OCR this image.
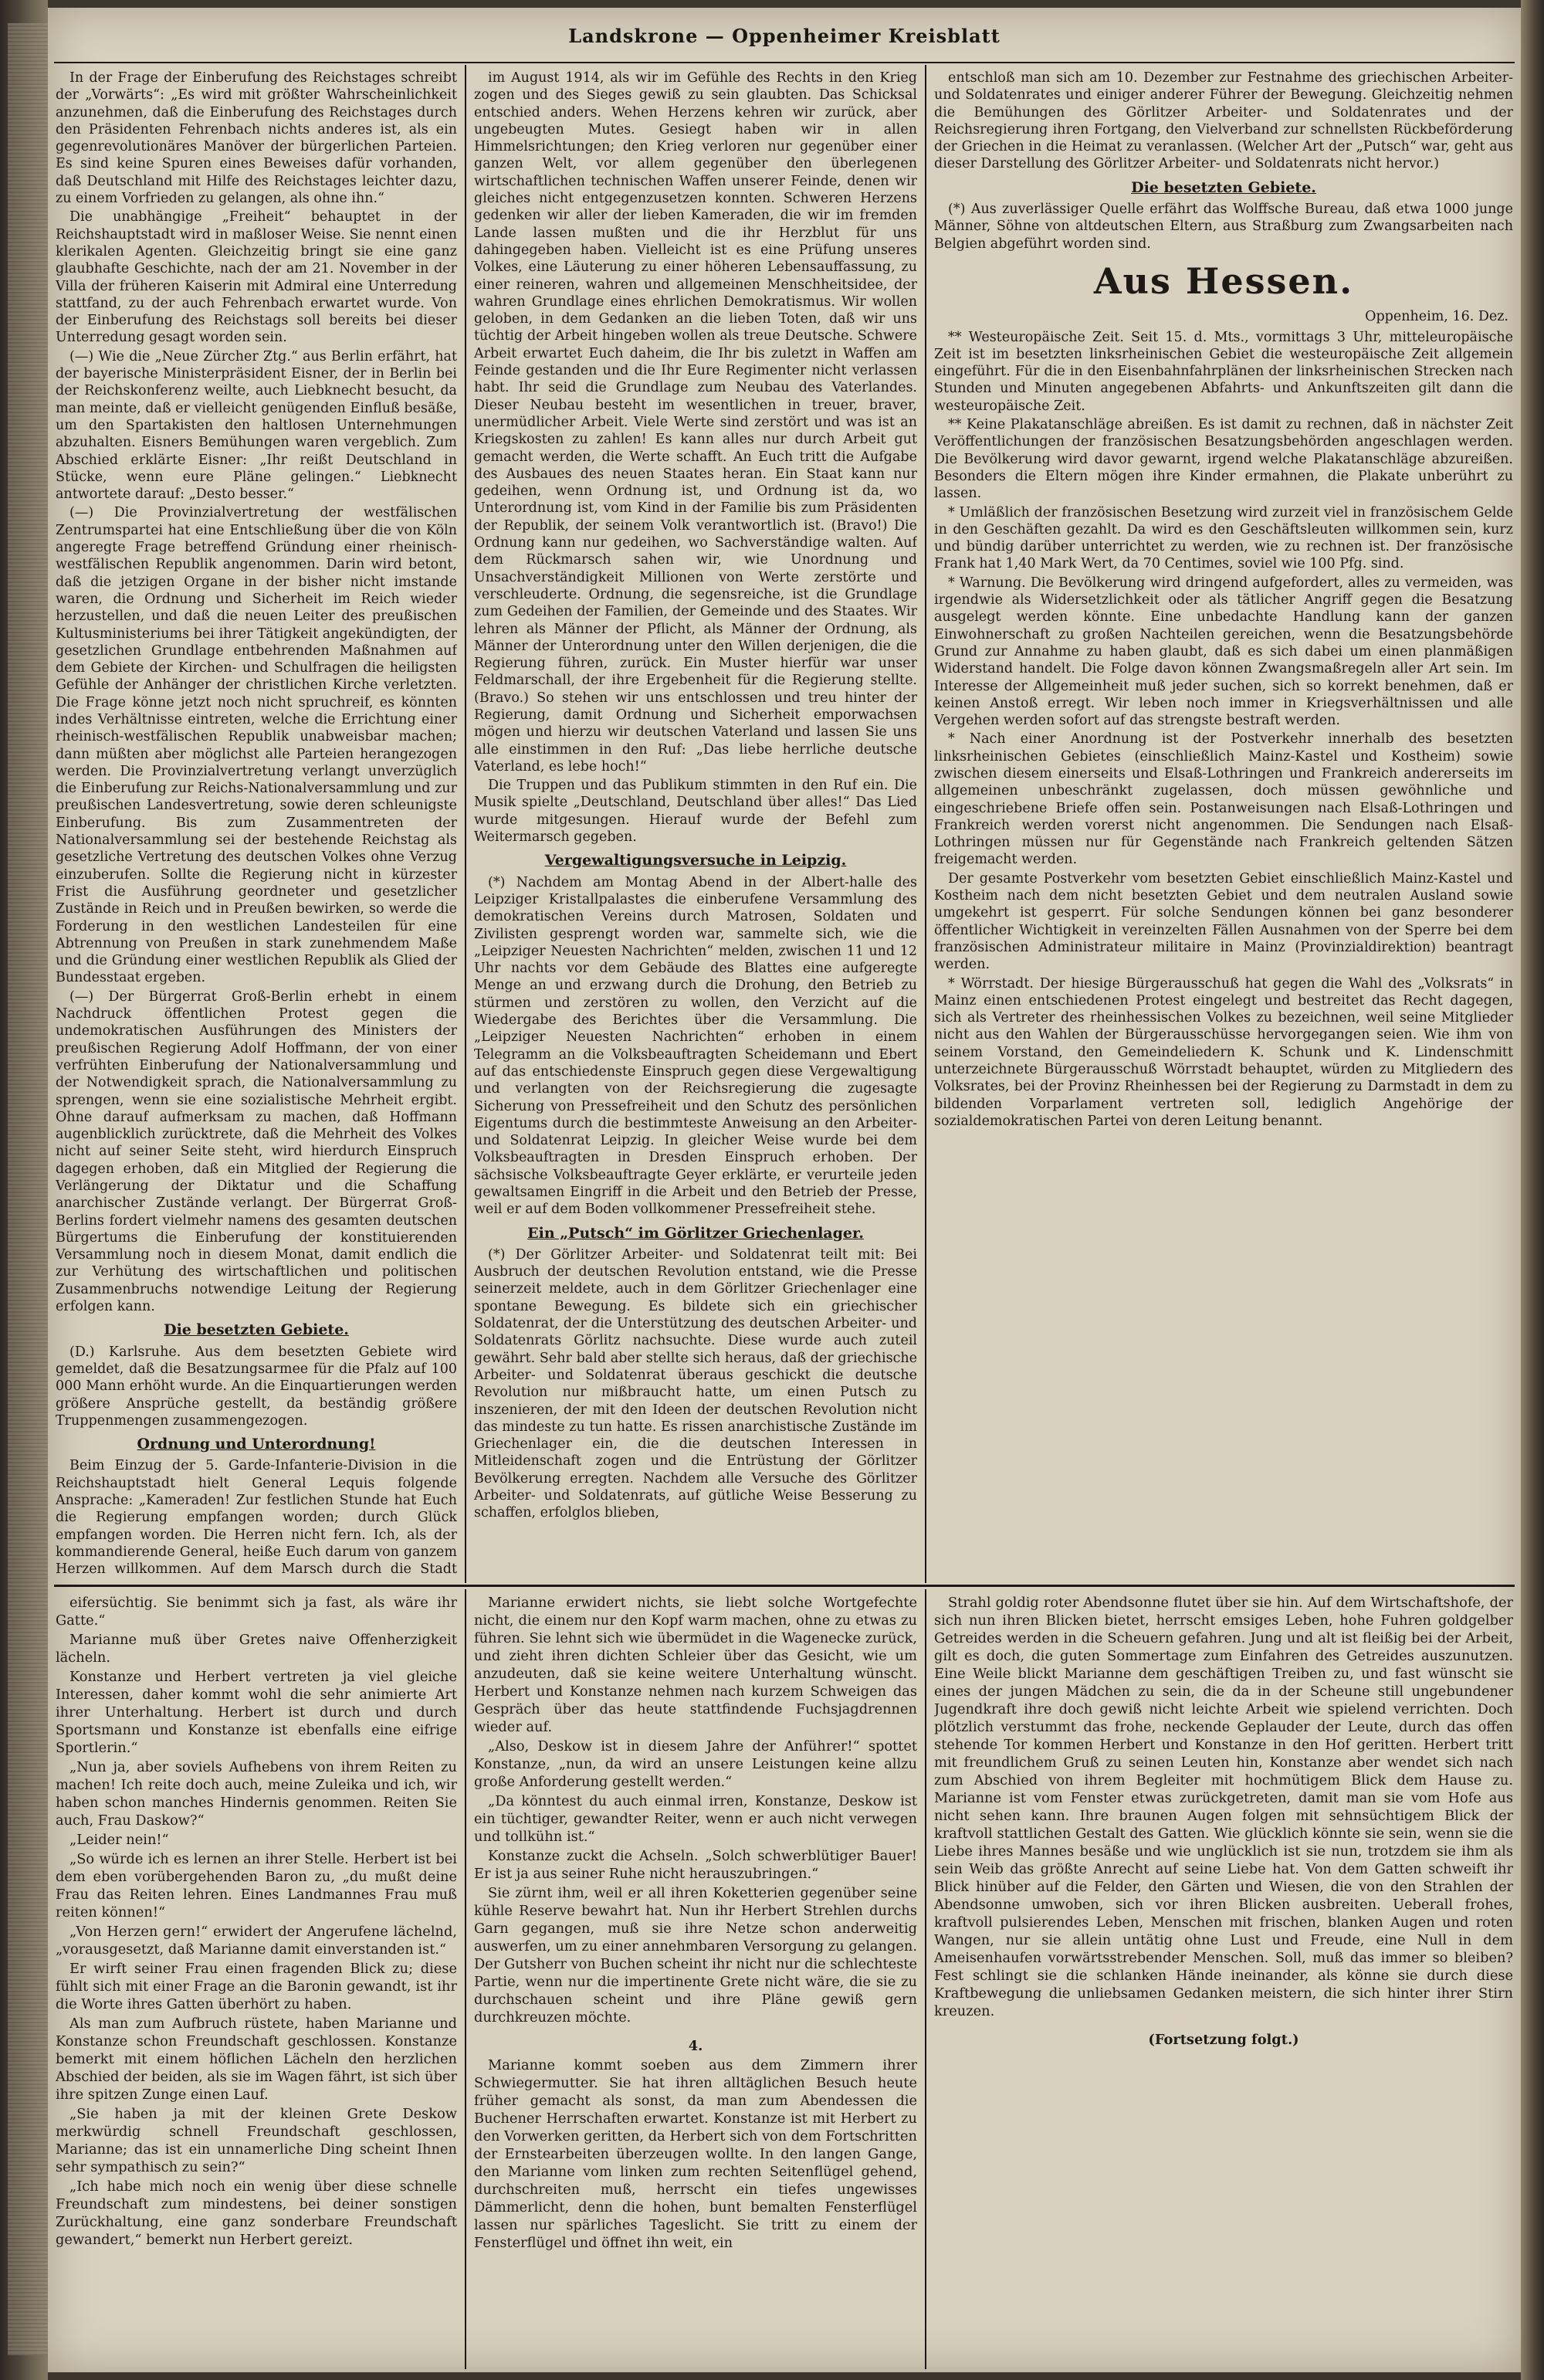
Landskrone — Oppenheimer Kreisblatt

In der Frage der Einberufung des Reichstages schreibt der „Vorwärts“: „Es wird mit größter Wahrscheinlichkeit anzunehmen, daß die Einberufung des Reichstages durch den Präsidenten Fehrenbach nichts anderes ist, als ein gegenrevolutionäres Manöver der bürgerlichen Parteien. Es sind keine Spuren eines Beweises dafür vorhanden, daß Deutschland mit Hilfe des Reichstages leichter dazu, zu einem Vorfrieden zu gelangen, als ohne ihn.“

Die unabhängige „Freiheit“ behauptet in der Reichshauptstadt wird in maßloser Weise. Sie nennt einen klerikalen Agenten. Gleichzeitig bringt sie eine ganz glaubhafte Geschichte, nach der am 21. November in der Villa der früheren Kaiserin mit Admiral eine Unterredung stattfand, zu der auch Fehrenbach erwartet wurde. Von der Einberufung des Reichstags soll bereits bei dieser Unterredung gesagt worden sein.

(—) Wie die „Neue Zürcher Ztg.“ aus Berlin erfährt, hat der bayerische Ministerpräsident Eisner, der in Berlin bei der Reichskonferenz weilte, auch Liebknecht besucht, da man meinte, daß er vielleicht genügenden Einfluß besäße, um den Spartakisten den haltlosen Unternehmungen abzuhalten. Eisners Bemühungen waren vergeblich. Zum Abschied erklärte Eisner: „Ihr reißt Deutschland in Stücke, wenn eure Pläne gelingen.“ Liebknecht antwortete darauf: „Desto besser.“

(—) Die Provinzialvertretung der westfälischen Zentrumspartei hat eine Entschließung über die von Köln angeregte Frage betreffend Gründung einer rheinisch-westfälischen Republik angenommen. Darin wird betont, daß die jetzigen Organe in der bisher nicht imstande waren, die Ordnung und Sicherheit im Reich wieder herzustellen, und daß die neuen Leiter des preußischen Kultusministeriums bei ihrer Tätigkeit angekündigten, der gesetzlichen Grundlage entbehrenden Maßnahmen auf dem Gebiete der Kirchen- und Schulfragen die heiligsten Gefühle der Anhänger der christlichen Kirche verletzten. Die Frage könne jetzt noch nicht spruchreif, es könnten indes Verhältnisse eintreten, welche die Errichtung einer rheinisch-westfälischen Republik unabweisbar machen; dann müßten aber möglichst alle Parteien herangezogen werden. Die Provinzialvertretung verlangt unverzüglich die Einberufung zur Reichs-Nationalversammlung und zur preußischen Landesvertretung, sowie deren schleunigste Einberufung. Bis zum Zusammentreten der Nationalversammlung sei der bestehende Reichstag als gesetzliche Vertretung des deutschen Volkes ohne Verzug einzuberufen. Sollte die Regierung nicht in kürzester Frist die Ausführung geordneter und gesetzlicher Zustände in Reich und in Preußen bewirken, so werde die Forderung in den westlichen Landesteilen für eine Abtrennung von Preußen in stark zunehmendem Maße und die Gründung einer westlichen Republik als Glied der Bundesstaat ergeben.

(—) Der Bürgerrat Groß-Berlin erhebt in einem Nachdruck öffentlichen Protest gegen die undemokratischen Ausführungen des Ministers der preußischen Regierung Adolf Hoffmann, der von einer verfrühten Einberufung der Nationalversammlung und der Notwendigkeit sprach, die Nationalversammlung zu sprengen, wenn sie eine sozialistische Mehrheit ergibt. Ohne darauf aufmerksam zu machen, daß Hoffmann augenblicklich zurücktrete, daß die Mehrheit des Volkes nicht auf seiner Seite steht, wird hierdurch Einspruch dagegen erhoben, daß ein Mitglied der Regierung die Verlängerung der Diktatur und die Schaffung anarchischer Zustände verlangt. Der Bürgerrat Groß-Berlins fordert vielmehr namens des gesamten deutschen Bürgertums die Einberufung der konstituierenden Versammlung noch in diesem Monat, damit endlich die zur Verhütung des wirtschaftlichen und politischen Zusammenbruchs notwendige Leitung der Regierung erfolgen kann.

Die besetzten Gebiete.

(D.) Karlsruhe. Aus dem besetzten Gebiete wird gemeldet, daß die Besatzungsarmee für die Pfalz auf 100 000 Mann erhöht wurde. An die Einquartierungen werden größere Ansprüche gestellt, da beständig größere Truppenmengen zusammengezogen.

Ordnung und Unterordnung!

Beim Einzug der 5. Garde-Infanterie-Division in die Reichshauptstadt hielt General Lequis folgende Ansprache: „Kameraden! Zur festlichen Stunde hat Euch die Regierung empfangen worden; durch Glück empfangen worden. Die Herren nicht fern. Ich, als der kommandierende General, heiße Euch darum von ganzem Herzen willkommen. Auf dem Marsch durch die Stadt

im August 1914, als wir im Gefühle des Rechts in den Krieg zogen und des Sieges gewiß zu sein glaubten. Das Schicksal entschied anders. Wehen Herzens kehren wir zurück, aber ungebeugten Mutes. Gesiegt haben wir in allen Himmelsrichtungen; den Krieg verloren nur gegenüber einer ganzen Welt, vor allem gegenüber den überlegenen wirtschaftlichen technischen Waffen unserer Feinde, denen wir gleiches nicht entgegenzusetzen konnten. Schweren Herzens gedenken wir aller der lieben Kameraden, die wir im fremden Lande lassen mußten und die ihr Herzblut für uns dahingegeben haben. Vielleicht ist es eine Prüfung unseres Volkes, eine Läuterung zu einer höheren Lebensauffassung, zu einer reineren, wahren und allgemeinen Menschheitsidee, der wahren Grundlage eines ehrlichen Demokratismus. Wir wollen geloben, in dem Gedanken an die lieben Toten, daß wir uns tüchtig der Arbeit hingeben wollen als treue Deutsche. Schwere Arbeit erwartet Euch daheim, die Ihr bis zuletzt in Waffen am Feinde gestanden und die Ihr Eure Regimenter nicht verlassen habt. Ihr seid die Grundlage zum Neubau des Vaterlandes. Dieser Neubau besteht im wesentlichen in treuer, braver, unermüdlicher Arbeit. Viele Werte sind zerstört und was ist an Kriegskosten zu zahlen! Es kann alles nur durch Arbeit gut gemacht werden, die Werte schafft. An Euch tritt die Aufgabe des Ausbaues des neuen Staates heran. Ein Staat kann nur gedeihen, wenn Ordnung ist, und Ordnung ist da, wo Unterordnung ist, vom Kind in der Familie bis zum Präsidenten der Republik, der seinem Volk verantwortlich ist. (Bravo!) Die Ordnung kann nur gedeihen, wo Sachverständige walten. Auf dem Rückmarsch sahen wir, wie Unordnung und Unsachverständigkeit Millionen von Werte zerstörte und verschleuderte. Ordnung, die segensreiche, ist die Grundlage zum Gedeihen der Familien, der Gemeinde und des Staates. Wir lehren als Männer der Pflicht, als Männer der Ordnung, als Männer der Unterordnung unter den Willen derjenigen, die die Regierung führen, zurück. Ein Muster hierfür war unser Feldmarschall, der ihre Ergebenheit für die Regierung stellte. (Bravo.) So stehen wir uns entschlossen und treu hinter der Regierung, damit Ordnung und Sicherheit emporwachsen mögen und hierzu wir deutschen Vaterland und lassen Sie uns alle einstimmen in den Ruf: „Das liebe herrliche deutsche Vaterland, es lebe hoch!“

Die Truppen und das Publikum stimmten in den Ruf ein. Die Musik spielte „Deutschland, Deutschland über alles!“ Das Lied wurde mitgesungen. Hierauf wurde der Befehl zum Weitermarsch gegeben.

Vergewaltigungsversuche in Leipzig.

(*) Nachdem am Montag Abend in der Albert-halle des Leipziger Kristallpalastes die einberufene Versammlung des demokratischen Vereins durch Matrosen, Soldaten und Zivilisten gesprengt worden war, sammelte sich, wie die „Leipziger Neuesten Nachrichten“ melden, zwischen 11 und 12 Uhr nachts vor dem Gebäude des Blattes eine aufgeregte Menge an und erzwang durch die Drohung, den Betrieb zu stürmen und zerstören zu wollen, den Verzicht auf die Wiedergabe des Berichtes über die Versammlung. Die „Leipziger Neuesten Nachrichten“ erhoben in einem Telegramm an die Volksbeauftragten Scheidemann und Ebert auf das entschiedenste Einspruch gegen diese Vergewaltigung und verlangten von der Reichsregierung die zugesagte Sicherung von Pressefreiheit und den Schutz des persönlichen Eigentums durch die bestimmteste Anweisung an den Arbeiter- und Soldatenrat Leipzig. In gleicher Weise wurde bei dem Volksbeauftragten in Dresden Einspruch erhoben. Der sächsische Volksbeauftragte Geyer erklärte, er verurteile jeden gewaltsamen Eingriff in die Arbeit und den Betrieb der Presse, weil er auf dem Boden vollkommener Pressefreiheit stehe.

Ein „Putsch“ im Görlitzer Griechenlager.

(*) Der Görlitzer Arbeiter- und Soldatenrat teilt mit: Bei Ausbruch der deutschen Revolution entstand, wie die Presse seinerzeit meldete, auch in dem Görlitzer Griechenlager eine spontane Bewegung. Es bildete sich ein griechischer Soldatenrat, der die Unterstützung des deutschen Arbeiter- und Soldatenrats Görlitz nachsuchte. Diese wurde auch zuteil gewährt. Sehr bald aber stellte sich heraus, daß der griechische Arbeiter- und Soldatenrat überaus geschickt die deutsche Revolution nur mißbraucht hatte, um einen Putsch zu inszenieren, der mit den Ideen der deutschen Revolution nicht das mindeste zu tun hatte. Es rissen anarchistische Zustände im Griechenlager ein, die die deutschen Interessen in Mitleidenschaft zogen und die Entrüstung der Görlitzer Bevölkerung erregten. Nachdem alle Versuche des Görlitzer Arbeiter- und Soldatenrats, auf gütliche Weise Besserung zu schaffen, erfolglos blieben,

entschloß man sich am 10. Dezember zur Festnahme des griechischen Arbeiter- und Soldatenrates und einiger anderer Führer der Bewegung. Gleichzeitig nehmen die Bemühungen des Görlitzer Arbeiter- und Soldatenrates und der Reichsregierung ihren Fortgang, den Vielverband zur schnellsten Rückbeförderung der Griechen in die Heimat zu veranlassen. (Welcher Art der „Putsch“ war, geht aus dieser Darstellung des Görlitzer Arbeiter- und Soldatenrats nicht hervor.)

Die besetzten Gebiete.

(*) Aus zuverlässiger Quelle erfährt das Wolffsche Bureau, daß etwa 1000 junge Männer, Söhne von altdeutschen Eltern, aus Straßburg zum Zwangsarbeiten nach Belgien abgeführt worden sind.

Aus Hessen.

Oppenheim, 16. Dez.

** Westeuropäische Zeit. Seit 15. d. Mts., vormittags 3 Uhr, mitteleuropäische Zeit ist im besetzten linksrheinischen Gebiet die westeuropäische Zeit allgemein eingeführt. Für die in den Eisenbahnfahrplänen der linksrheinischen Strecken nach Stunden und Minuten angegebenen Abfahrts- und Ankunftszeiten gilt dann die westeuropäische Zeit.

** Keine Plakatanschläge abreißen. Es ist damit zu rechnen, daß in nächster Zeit Veröffentlichungen der französischen Besatzungsbehörden angeschlagen werden. Die Bevölkerung wird davor gewarnt, irgend welche Plakatanschläge abzureißen. Besonders die Eltern mögen ihre Kinder ermahnen, die Plakate unberührt zu lassen.

* Umläßlich der französischen Besetzung wird zurzeit viel in französischem Gelde in den Geschäften gezahlt. Da wird es den Geschäftsleuten willkommen sein, kurz und bündig darüber unterrichtet zu werden, wie zu rechnen ist. Der französische Frank hat 1,40 Mark Wert, da 70 Centimes, soviel wie 100 Pfg. sind.

* Warnung. Die Bevölkerung wird dringend aufgefordert, alles zu vermeiden, was irgendwie als Widersetzlichkeit oder als tätlicher Angriff gegen die Besatzung ausgelegt werden könnte. Eine unbedachte Handlung kann der ganzen Einwohnerschaft zu großen Nachteilen gereichen, wenn die Besatzungsbehörde Grund zur Annahme zu haben glaubt, daß es sich dabei um einen planmäßigen Widerstand handelt. Die Folge davon können Zwangsmaßregeln aller Art sein. Im Interesse der Allgemeinheit muß jeder suchen, sich so korrekt benehmen, daß er keinen Anstoß erregt. Wir leben noch immer in Kriegsverhältnissen und alle Vergehen werden sofort auf das strengste bestraft werden.

* Nach einer Anordnung ist der Postverkehr innerhalb des besetzten linksrheinischen Gebietes (einschließlich Mainz-Kastel und Kostheim) sowie zwischen diesem einerseits und Elsaß-Lothringen und Frankreich andererseits im allgemeinen unbeschränkt zugelassen, doch müssen gewöhnliche und eingeschriebene Briefe offen sein. Postanweisungen nach Elsaß-Lothringen und Frankreich werden vorerst nicht angenommen. Die Sendungen nach Elsaß-Lothringen müssen nur für Gegenstände nach Frankreich geltenden Sätzen freigemacht werden.

Der gesamte Postverkehr vom besetzten Gebiet einschließlich Mainz-Kastel und Kostheim nach dem nicht besetzten Gebiet und dem neutralen Ausland sowie umgekehrt ist gesperrt. Für solche Sendungen können bei ganz besonderer öffentlicher Wichtigkeit in vereinzelten Fällen Ausnahmen von der Sperre bei dem französischen Administrateur militaire in Mainz (Provinzialdirektion) beantragt werden.

* Wörrstadt. Der hiesige Bürgerausschuß hat gegen die Wahl des „Volksrats“ in Mainz einen entschiedenen Protest eingelegt und bestreitet das Recht dagegen, sich als Vertreter des rheinhessischen Volkes zu bezeichnen, weil seine Mitglieder nicht aus den Wahlen der Bürgerausschüsse hervorgegangen seien. Wie ihm von seinem Vorstand, den Gemeindeliedern K. Schunk und K. Lindenschmitt unterzeichnete Bürgerausschuß Wörrstadt behauptet, würden zu Mitgliedern des Volksrates, bei der Provinz Rheinhessen bei der Regierung zu Darmstadt in dem zu bildenden Vorparlament vertreten soll, lediglich Angehörige der sozialdemokratischen Partei von deren Leitung benannt.

eifersüchtig. Sie benimmt sich ja fast, als wäre ihr Gatte.“

Marianne muß über Gretes naive Offenherzigkeit lächeln.

Konstanze und Herbert vertreten ja viel gleiche Interessen, daher kommt wohl die sehr animierte Art ihrer Unterhaltung. Herbert ist durch und durch Sportsmann und Konstanze ist ebenfalls eine eifrige Sportlerin.“

„Nun ja, aber soviels Aufhebens von ihrem Reiten zu machen! Ich reite doch auch, meine Zuleika und ich, wir haben schon manches Hindernis genommen. Reiten Sie auch, Frau Daskow?“

„Leider nein!“

„So würde ich es lernen an ihrer Stelle. Herbert ist bei dem eben vorübergehenden Baron zu, „du mußt deine Frau das Reiten lehren. Eines Landmannes Frau muß reiten können!“

„Von Herzen gern!“ erwidert der Angerufene lächelnd, „vorausgesetzt, daß Marianne damit einverstanden ist.“

Er wirft seiner Frau einen fragenden Blick zu; diese fühlt sich mit einer Frage an die Baronin gewandt, ist ihr die Worte ihres Gatten überhört zu haben.

Als man zum Aufbruch rüstete, haben Marianne und Konstanze schon Freundschaft geschlossen. Konstanze bemerkt mit einem höflichen Lächeln den herzlichen Abschied der beiden, als sie im Wagen fährt, ist sich über ihre spitzen Zunge einen Lauf.

„Sie haben ja mit der kleinen Grete Deskow merkwürdig schnell Freundschaft geschlossen, Marianne; das ist ein unnamerliche Ding scheint Ihnen sehr sympathisch zu sein?“

„Ich habe mich noch ein wenig über diese schnelle Freundschaft zum mindestens, bei deiner sonstigen Zurückhaltung, eine ganz sonderbare Freundschaft gewandert,“ bemerkt nun Herbert gereizt.

Marianne erwidert nichts, sie liebt solche Wortgefechte nicht, die einem nur den Kopf warm machen, ohne zu etwas zu führen. Sie lehnt sich wie übermüdet in die Wagenecke zurück, und zieht ihren dichten Schleier über das Gesicht, wie um anzudeuten, daß sie keine weitere Unterhaltung wünscht. Herbert und Konstanze nehmen nach kurzem Schweigen das Gespräch über das heute stattfindende Fuchsjagdrennen wieder auf.

„Also, Deskow ist in diesem Jahre der Anführer!“ spottet Konstanze, „nun, da wird an unsere Leistungen keine allzu große Anforderung gestellt werden.“

„Da könntest du auch einmal irren, Konstanze, Deskow ist ein tüchtiger, gewandter Reiter, wenn er auch nicht verwegen und tollkühn ist.“

Konstanze zuckt die Achseln. „Solch schwerblütiger Bauer! Er ist ja aus seiner Ruhe nicht herauszubringen.“

Sie zürnt ihm, weil er all ihren Koketterien gegenüber seine kühle Reserve bewahrt hat. Nun ihr Herbert Strehlen durchs Garn gegangen, muß sie ihre Netze schon anderweitig auswerfen, um zu einer annehmbaren Versorgung zu gelangen. Der Gutsherr von Buchen scheint ihr nicht nur die schlechteste Partie, wenn nur die impertinente Grete nicht wäre, die sie zu durchschauen scheint und ihre Pläne gewiß gern durchkreuzen möchte.

4.

Marianne kommt soeben aus dem Zimmern ihrer Schwiegermutter. Sie hat ihren alltäglichen Besuch heute früher gemacht als sonst, da man zum Abendessen die Buchener Herrschaften erwartet. Konstanze ist mit Herbert zu den Vorwerken geritten, da Herbert sich von dem Fortschritten der Ernstearbeiten überzeugen wollte. In den langen Gange, den Marianne vom linken zum rechten Seitenflügel gehend, durchschreiten muß, herrscht ein tiefes ungewisses Dämmerlicht, denn die hohen, bunt bemalten Fensterflügel lassen nur spärliches Tageslicht. Sie tritt zu einem der Fensterflügel und öffnet ihn weit, ein

Strahl goldig roter Abendsonne flutet über sie hin. Auf dem Wirtschaftshofe, der sich nun ihren Blicken bietet, herrscht emsiges Leben, hohe Fuhren goldgelber Getreides werden in die Scheuern gefahren. Jung und alt ist fleißig bei der Arbeit, gilt es doch, die guten Sommertage zum Einfahren des Getreides auszunutzen. Eine Weile blickt Marianne dem geschäftigen Treiben zu, und fast wünscht sie eines der jungen Mädchen zu sein, die da in der Scheune still ungebundener Jugendkraft ihre doch gewiß nicht leichte Arbeit wie spielend verrichten. Doch plötzlich verstummt das frohe, neckende Geplauder der Leute, durch das offen stehende Tor kommen Herbert und Konstanze in den Hof geritten. Herbert tritt mit freundlichem Gruß zu seinen Leuten hin, Konstanze aber wendet sich nach zum Abschied von ihrem Begleiter mit hochmütigem Blick dem Hause zu. Marianne ist vom Fenster etwas zurückgetreten, damit man sie vom Hofe aus nicht sehen kann. Ihre braunen Augen folgen mit sehnsüchtigem Blick der kraftvoll stattlichen Gestalt des Gatten. Wie glücklich könnte sie sein, wenn sie die Liebe ihres Mannes besäße und wie unglücklich ist sie nun, trotzdem sie ihm als sein Weib das größte Anrecht auf seine Liebe hat. Von dem Gatten schweift ihr Blick hinüber auf die Felder, den Gärten und Wiesen, die von den Strahlen der Abendsonne umwoben, sich vor ihren Blicken ausbreiten. Ueberall frohes, kraftvoll pulsierendes Leben, Menschen mit frischen, blanken Augen und roten Wangen, nur sie allein untätig ohne Lust und Freude, eine Null in dem Ameisenhaufen vorwärtsstrebender Menschen. Soll, muß das immer so bleiben? Fest schlingt sie die schlanken Hände ineinander, als könne sie durch diese Kraftbewegung die unliebsamen Gedanken meistern, die sich hinter ihrer Stirn kreuzen.

(Fortsetzung folgt.)
